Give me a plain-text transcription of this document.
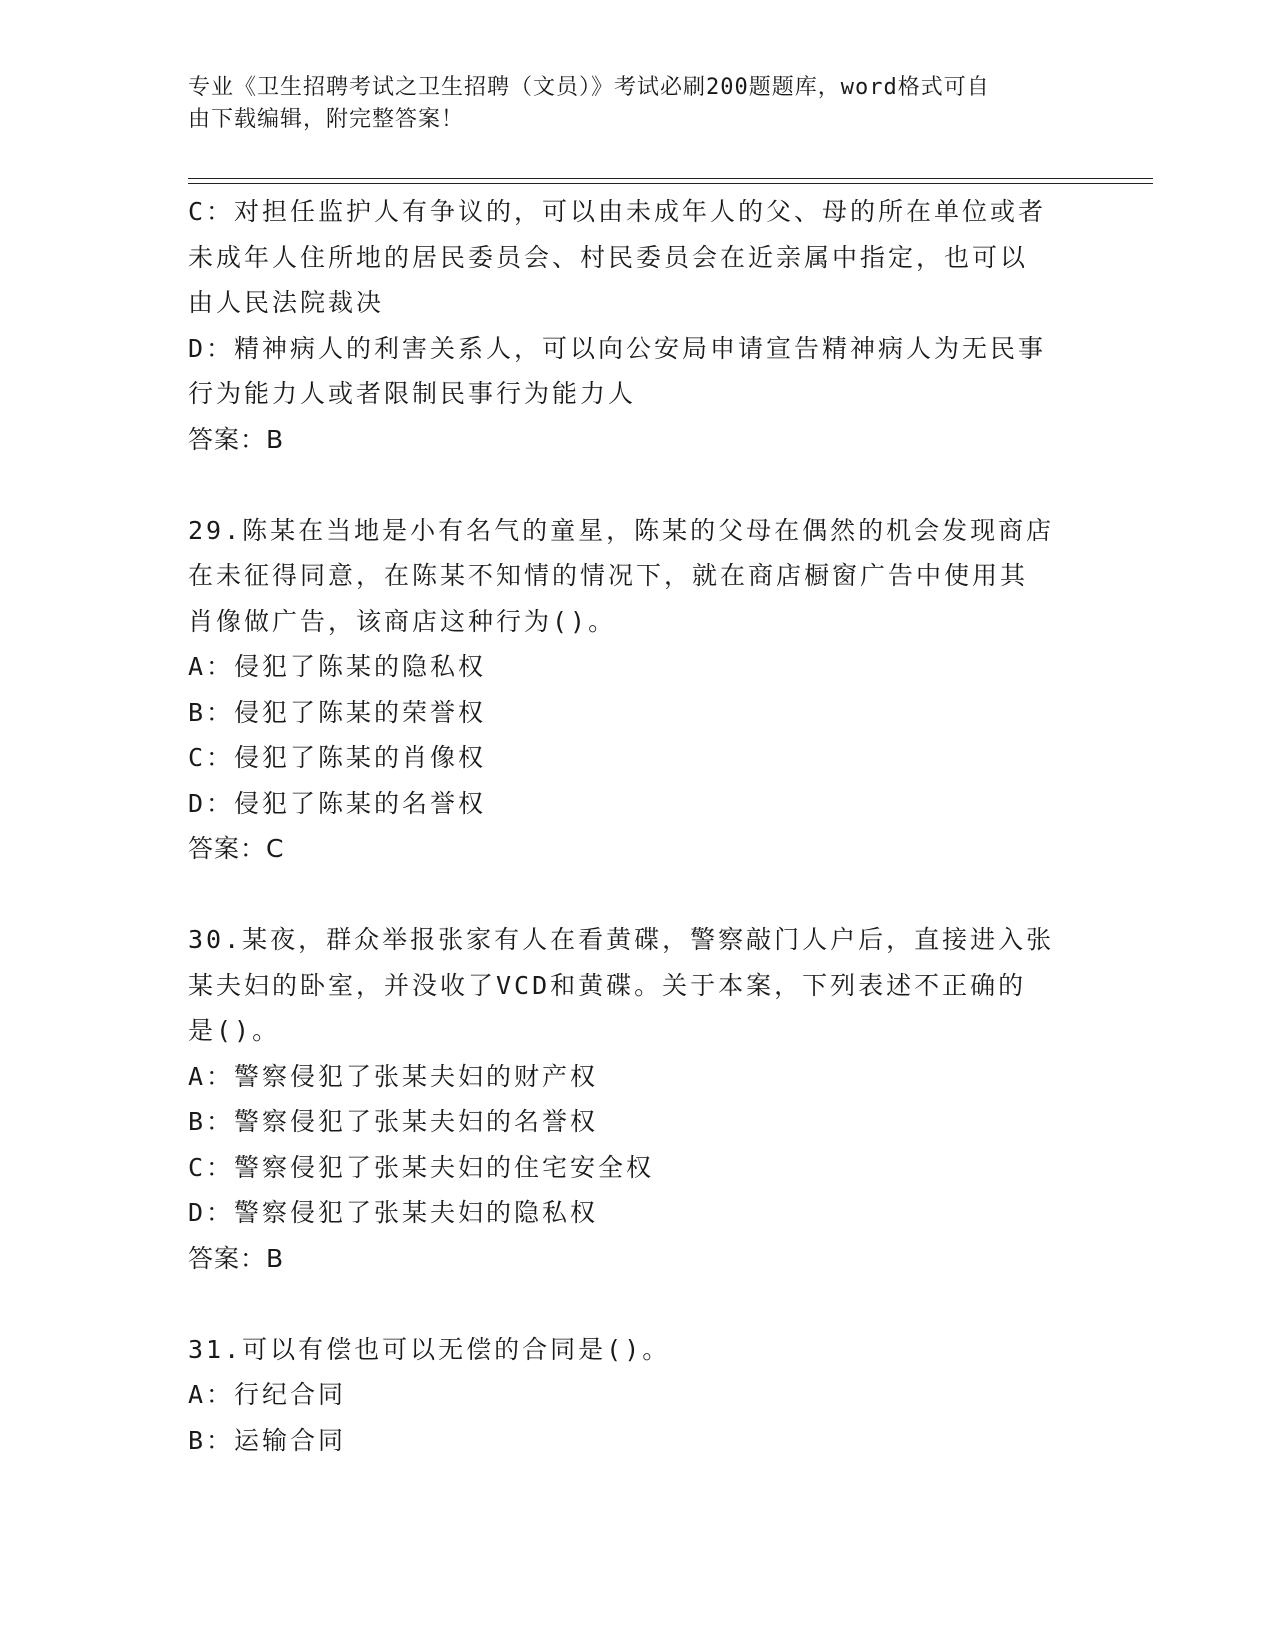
专业《卫生招聘考试之卫生招聘（文员）》考试必刷200题题库，word格式可自
由下载编辑，附完整答案！
C：对担任监护人有争议的，可以由未成年人的父、母的所在单位或者
未成年人住所地的居民委员会、村民委员会在近亲属中指定，也可以
由人民法院裁决
D：精神病人的利害关系人，可以向公安局申请宣告精神病人为无民事
行为能力人或者限制民事行为能力人
答案：B
29.陈某在当地是小有名气的童星，陈某的父母在偶然的机会发现商店
在未征得同意，在陈某不知情的情况下，就在商店橱窗广告中使用其
肖像做广告，该商店这种行为()。
A：侵犯了陈某的隐私权
B：侵犯了陈某的荣誉权
C：侵犯了陈某的肖像权
D：侵犯了陈某的名誉权
答案：C
30.某夜，群众举报张家有人在看黄碟，警察敲门人户后，直接进入张
某夫妇的卧室，并没收了VCD和黄碟。关于本案，下列表述不正确的
是()。
A：警察侵犯了张某夫妇的财产权
B：警察侵犯了张某夫妇的名誉权
C：警察侵犯了张某夫妇的住宅安全权
D：警察侵犯了张某夫妇的隐私权
答案：B
31.可以有偿也可以无偿的合同是()。
A：行纪合同
B：运输合同
